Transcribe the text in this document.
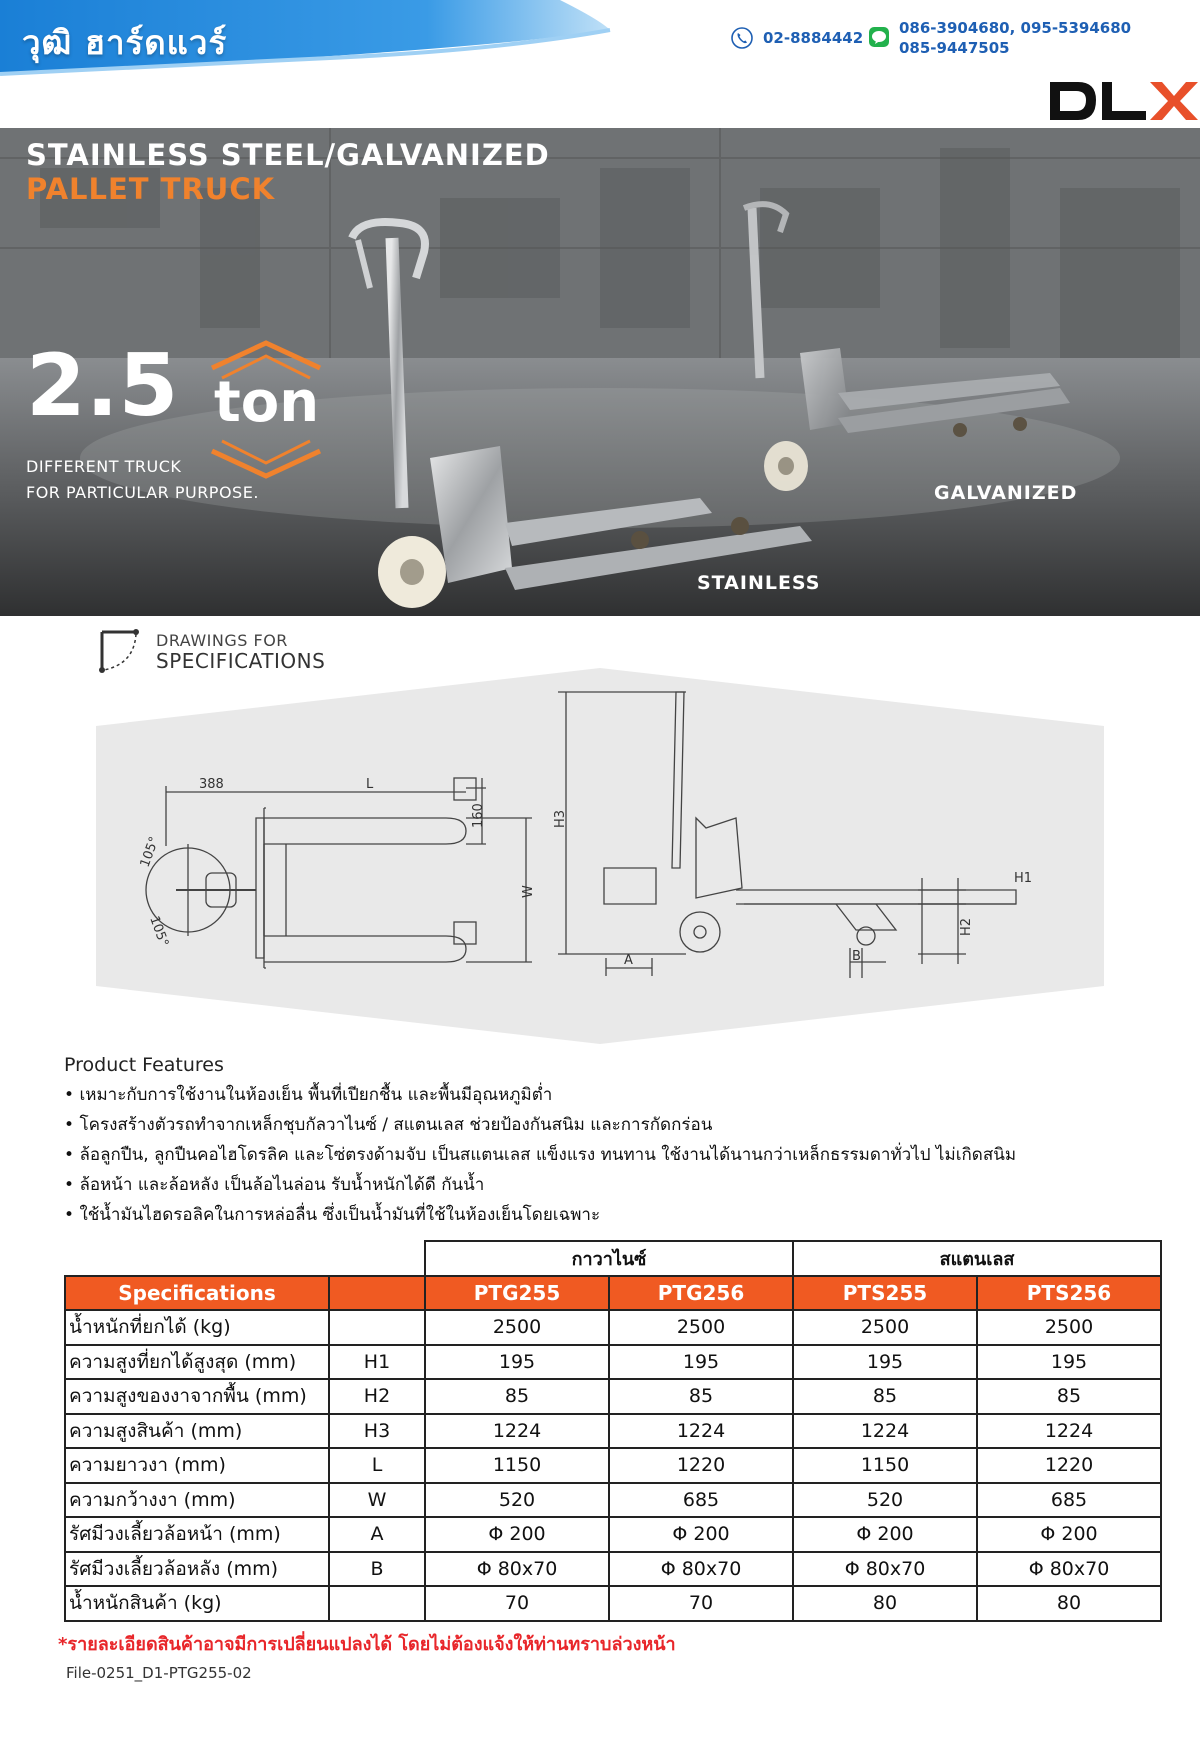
วุฒิ ฮาร์ดแวร์	02-8884442
086-3904680, 095-5394680
085-9447505
STAINLESS STEEL/GALVANIZED
PALLET TRUCK
2.5 ton
DIFFERENT TRUCK
FOR PARTICULAR PURPOSE.	GALVANIZED
STAINLESS
DRAWINGS FOR
SPECIFICATIONS
388	L
160
W
105°
105°
H3
H1
H2
A	B
Product Features
• เหมาะกับการใช้งานในห้องเย็น พื้นที่เปียกชื้น และพื้นมีอุณหภูมิต่ำ
• โครงสร้างตัวรถทำจากเหล็กชุบกัลวาไนซ์ / สแตนเลส ช่วยป้องกันสนิม และการกัดกร่อน
• ล้อลูกปืน, ลูกปืนคอไฮโดรลิค และโซ่ตรงด้ามจับ เป็นสแตนเลส แข็งแรง ทนทาน ใช้งานได้นานกว่าเหล็กธรรมดาทั่วไป ไม่เกิดสนิม
• ล้อหน้า และล้อหลัง เป็นล้อไนล่อน รับน้ำหนักได้ดี กันน้ำ
• ใช้น้ำมันไฮดรอลิคในการหล่อลื่น ซึ่งเป็นน้ำมันที่ใช้ในห้องเย็นโดยเฉพาะ
		กาวาไนซ์		สแตนเลส	
Specifications		PTG255	PTG256	PTS255	PTS256
น้ำหนักที่ยกได้ (kg)		2500	2500	2500	2500
ความสูงที่ยกได้สูงสุด (mm)	H1	195	195	195	195
ความสูงของงาจากพื้น (mm)	H2	85	85	85	85
ความสูงสินค้า (mm)	H3	1224	1224	1224	1224
ความยาวงา (mm)	L	1150	1220	1150	1220
ความกว้างงา (mm)	W	520	685	520	685
รัศมีวงเลี้ยวล้อหน้า (mm)	A	Φ 200	Φ 200	Φ 200	Φ 200
รัศมีวงเลี้ยวล้อหลัง (mm)	B	Φ 80x70	Φ 80x70	Φ 80x70	Φ 80x70
น้ำหนักสินค้า (kg)		70	70	80	80
*รายละเอียดสินค้าอาจมีการเปลี่ยนแปลงได้ โดยไม่ต้องแจ้งให้ท่านทราบล่วงหน้า
File-0251_D1-PTG255-02
